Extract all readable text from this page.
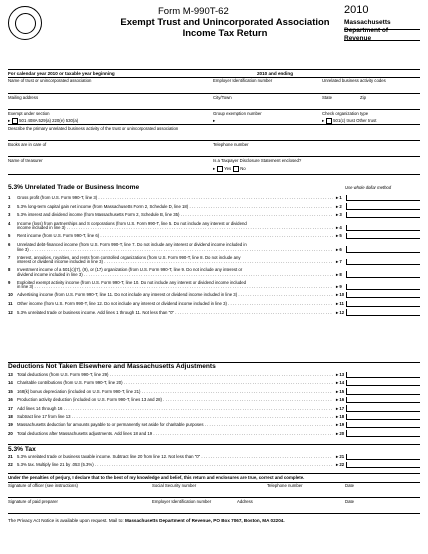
Form M-990T-62
Exempt Trust and Unincorporated Association
Income Tax Return
2010
Massachusetts
Department of
Revenue
For calendar year 2010 or taxable year beginning	2010 and ending
Name of trust or unincorporated association	Employer Identification number	Unrelated business activity codes
Mailing address	City/Town	State	Zip
Exempt under section
▸ 501 408A 529(a) 220(e) 530(a)
Group exemption number
▸
Check organization type
▸ 501(c) trust Other trust
Describe the primary unrelated business activity of the trust or unincorporated association
Books are in care of	Telephone number
Name of treasurer	Is a Taxpayer Disclosure Statement enclosed?
▸ Yes No
5.3% Unrelated Trade or Business Income	Use whole dollar method
1	Gross profit (from U.S. Form 990-T, line 3) . . .	▸ 1
2	5.3% long-term capital gain net income (from Massachusetts Form 2, Schedule D, line 18) . . .	▸ 2
3	5.3% interest and dividend income (from Massachusetts Form 2, Schedule B, line 35) . . .	▸ 3
4	Income (loss) from partnerships and S corporations (from U.S. Form 990-T, line 5. Do not include any interest or dividend
income included in line 3) . . .	▸ 4
5	Rent income (from U.S. Form 990-T, line 6) . . .	▸ 5
6	Unrelated debt-financed income (from U.S. Form 990-T, line 7. Do not include any interest or dividend income included in
line 3) . . .	▸ 6
7	Interest, annuities, royalties, and rents from controlled organizations (from U.S. Form 990-T, line 8. Do not include any
interest or dividend income included in line 3) . . .	▸ 7
8	Investment income of a 501(c)(7), (9), or (17) organization (from U.S. Form 990-T, line 9. Do not include any interest or
dividend income included in line 3) . . .	▸ 8
9	Exploited exempt activity income (from U.S. Form 990-T, line 10. Do not include any interest or dividend income included
in line 3) . . .	▸ 9
10 Advertising income (from U.S. Form 990-T, line 11. Do not include any interest or dividend income included in line 3) . . .	▸ 10
11	Other income (from U.S. Form 990-T, line 12. Do not include any interest or dividend income included in line 3) . . .	▸ 11
12 5.3% unrelated trade or business income. Add lines 1 through 11. Not less than "0" . . .	▸ 12
Deductions Not Taken Elsewhere and Massachusetts Adjustments
13 Total deductions (from U.S. Form 990-T, line 29) . . .	▸ 13
14 Charitable contributions (from U.S. Form 990-T, line 20) . . .	▸ 14
15 168(k) bonus depreciation (included on U.S. Form 990-T, line 21) . . .	▸ 15
16 Production activity deduction (included on U.S. Form 990-T, lines 13 and 28) . . .	▸ 16
17 Add lines 14 through 16 . . .	▸ 17
18 Subtract line 17 from line 13 . . .	▸ 18
19 Massachusetts deduction for amounts payable to or permanently set aside for charitable purposes . . .	▸ 19
20 Total deductions after Massachusetts adjustments. Add lines 18 and 19 . . .	▸ 20
5.3% Tax
21 5.3% unrelated trade or business taxable income. Subtract line 20 from line 12. Not less than "0" . . .	▸ 21
22 5.3% tax. Multiply line 21 by .053 (5.3%) . . .	▸ 22
Under the penalties of perjury, I declare that to the best of my knowledge and belief, this return and enclosures are true, correct and complete.
Signature of officer (see instructions)	Social Security number	Telephone number	Date
Signature of paid preparer	Employer Identification number	Address	Date
The Privacy Act Notice is available upon request. Mail to: Massachusetts Department of Revenue, PO Box 7067, Boston, MA 02204.
